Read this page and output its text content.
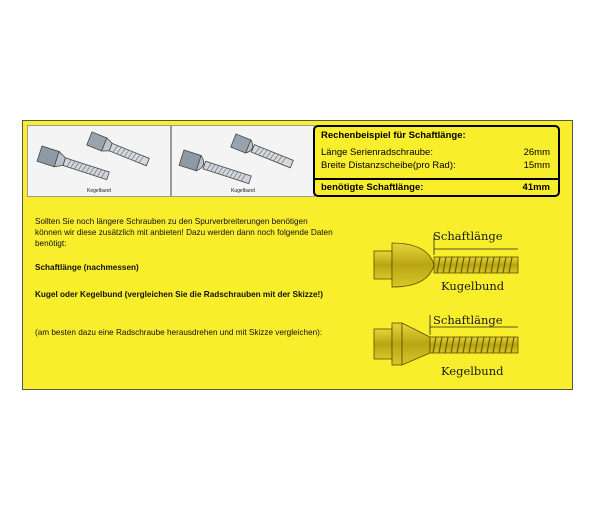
Kegelbund	Kugelbund
Rechenbeispiel für Schaftlänge:
Länge Serienradschraube:	26mm
Breite Distanzscheibe(pro Rad):	15mm
benötigte Schaftlänge:	41mm
Sollten Sie noch längere Schrauben zu den Spurverbreiterungen benötigen können wir diese zusätzlich mit anbieten! Dazu werden dann noch folgende Daten benötigt:
Schaftlänge (nachmessen)
Kugel oder Kegelbund (vergleichen Sie die Radschrauben mit der Skizze!)
(am besten dazu eine Radschraube herausdrehen und mit Skizze vergleichen):
Schaftlänge
Kugelbund
Schaftlänge
Kegelbund
